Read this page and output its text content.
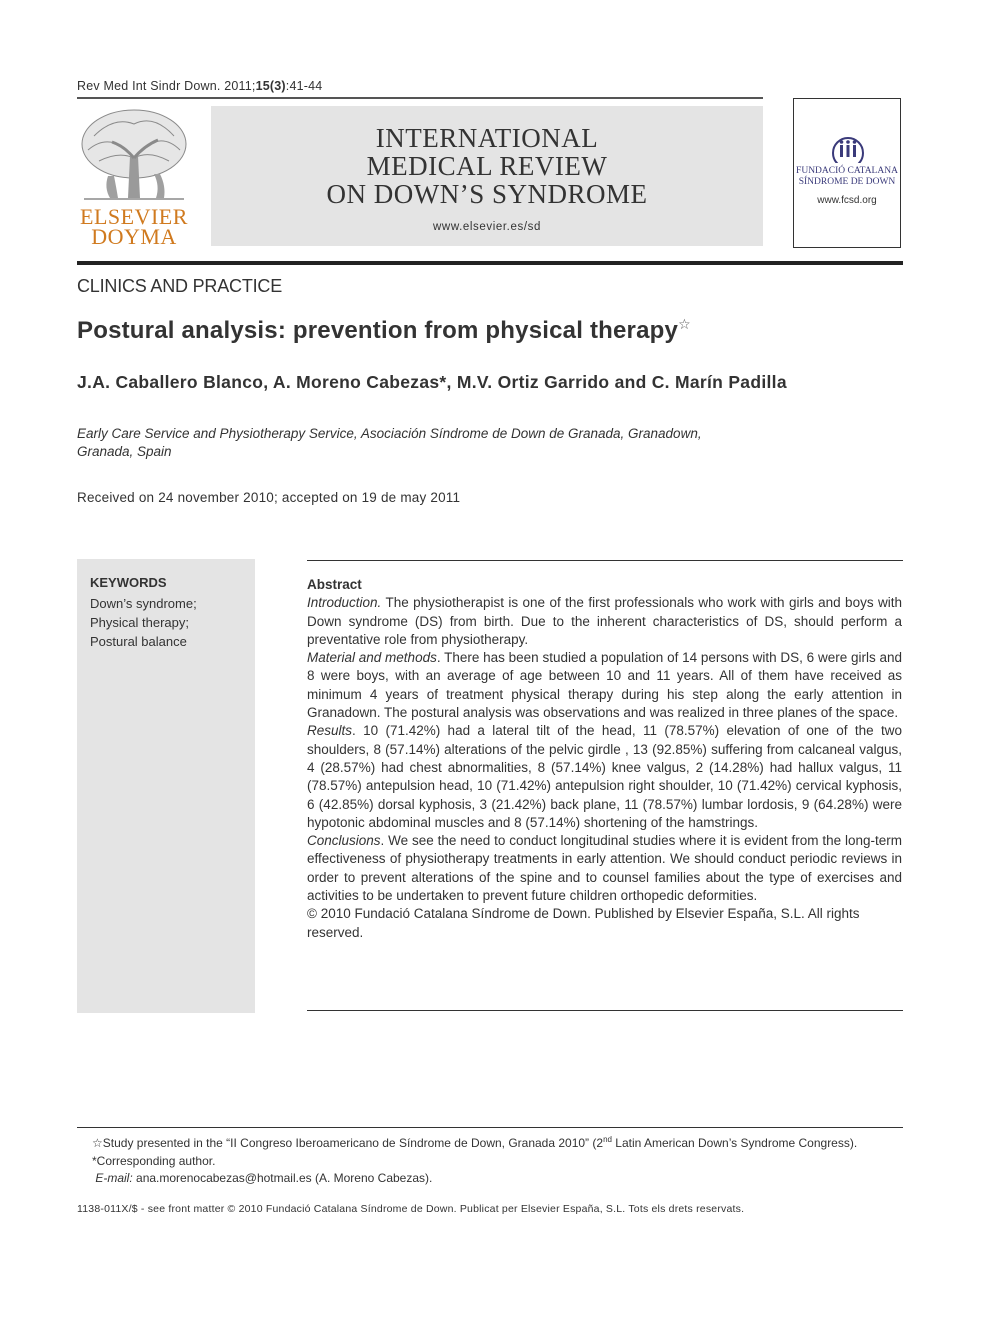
Rev Med Int Sindr Down. 2011;15(3):41-44
ELSEVIER
DOYMA
INTERNATIONAL
MEDICAL REVIEW
ON DOWN’S SYNDROME
www.elsevier.es/sd
FUNDACIÓ CATALANA
SÍNDROME DE DOWN
www.fcsd.org
CLINICS AND PRACTICE
Postural analysis: prevention from physical therapy☆
J.A. Caballero Blanco, A. Moreno Cabezas*, M.V. Ortiz Garrido and C. Marín Padilla
Early Care Service and Physiotherapy Service, Asociación Síndrome de Down de Granada, Granadown,
Granada, Spain
Received on 24 november 2010; accepted on 19 de may 2011
KEYWORDS
Down’s syndrome;
Physical therapy;
Postural balance

Abstract

Introduction. The physiotherapist is one of the first professionals who work with girls and boys with Down syndrome (DS) from birth. Due to the inherent characteristics of DS, should perform a preventative role from physiotherapy.

Material and methods. There has been studied a population of 14 persons with DS, 6 were girls and 8 were boys, with an average of age between 10 and 11 years. All of them have received as minimum 4 years of treatment physical therapy during his step along the early attention in Granadown. The postural analysis was observations and was realized in three planes of the space.

Results. 10 (71.42%) had a lateral tilt of the head, 11 (78.57%) elevation of one of the two shoulders, 8 (57.14%) alterations of the pelvic girdle , 13 (92.85%) suffering from calcaneal valgus, 4 (28.57%) had chest abnormalities, 8 (57.14%) knee valgus, 2 (14.28%) had hallux valgus, 11 (78.57%) antepulsion head, 10 (71.42%) antepulsion right shoulder, 10 (71.42%) cervical kyphosis, 6 (42.85%) dorsal kyphosis, 3 (21.42%) back plane, 11 (78.57%) lumbar lordosis, 9 (64.28%) were hypotonic abdominal muscles and 8 (57.14%) shortening of the hamstrings.

Conclusions. We see the need to conduct longitudinal studies where it is evident from the long-term effectiveness of physiotherapy treatments in early attention. We should conduct periodic reviews in order to prevent alterations of the spine and to counsel families about the type of exercises and activities to be undertaken to prevent future children orthopedic deformities.

© 2010 Fundació Catalana Síndrome de Down. Published by Elsevier España, S.L. All rights reserved.

☆Study presented in the “II Congreso Iberoamericano de Síndrome de Down, Granada 2010” (2nd Latin American Down’s Syndrome Congress).

*Corresponding author.

E-mail: ana.morenocabezas@hotmail.es (A. Moreno Cabezas).

1138-011X/$ - see front matter © 2010 Fundació Catalana Síndrome de Down. Publicat per Elsevier España, S.L. Tots els drets reservats.
